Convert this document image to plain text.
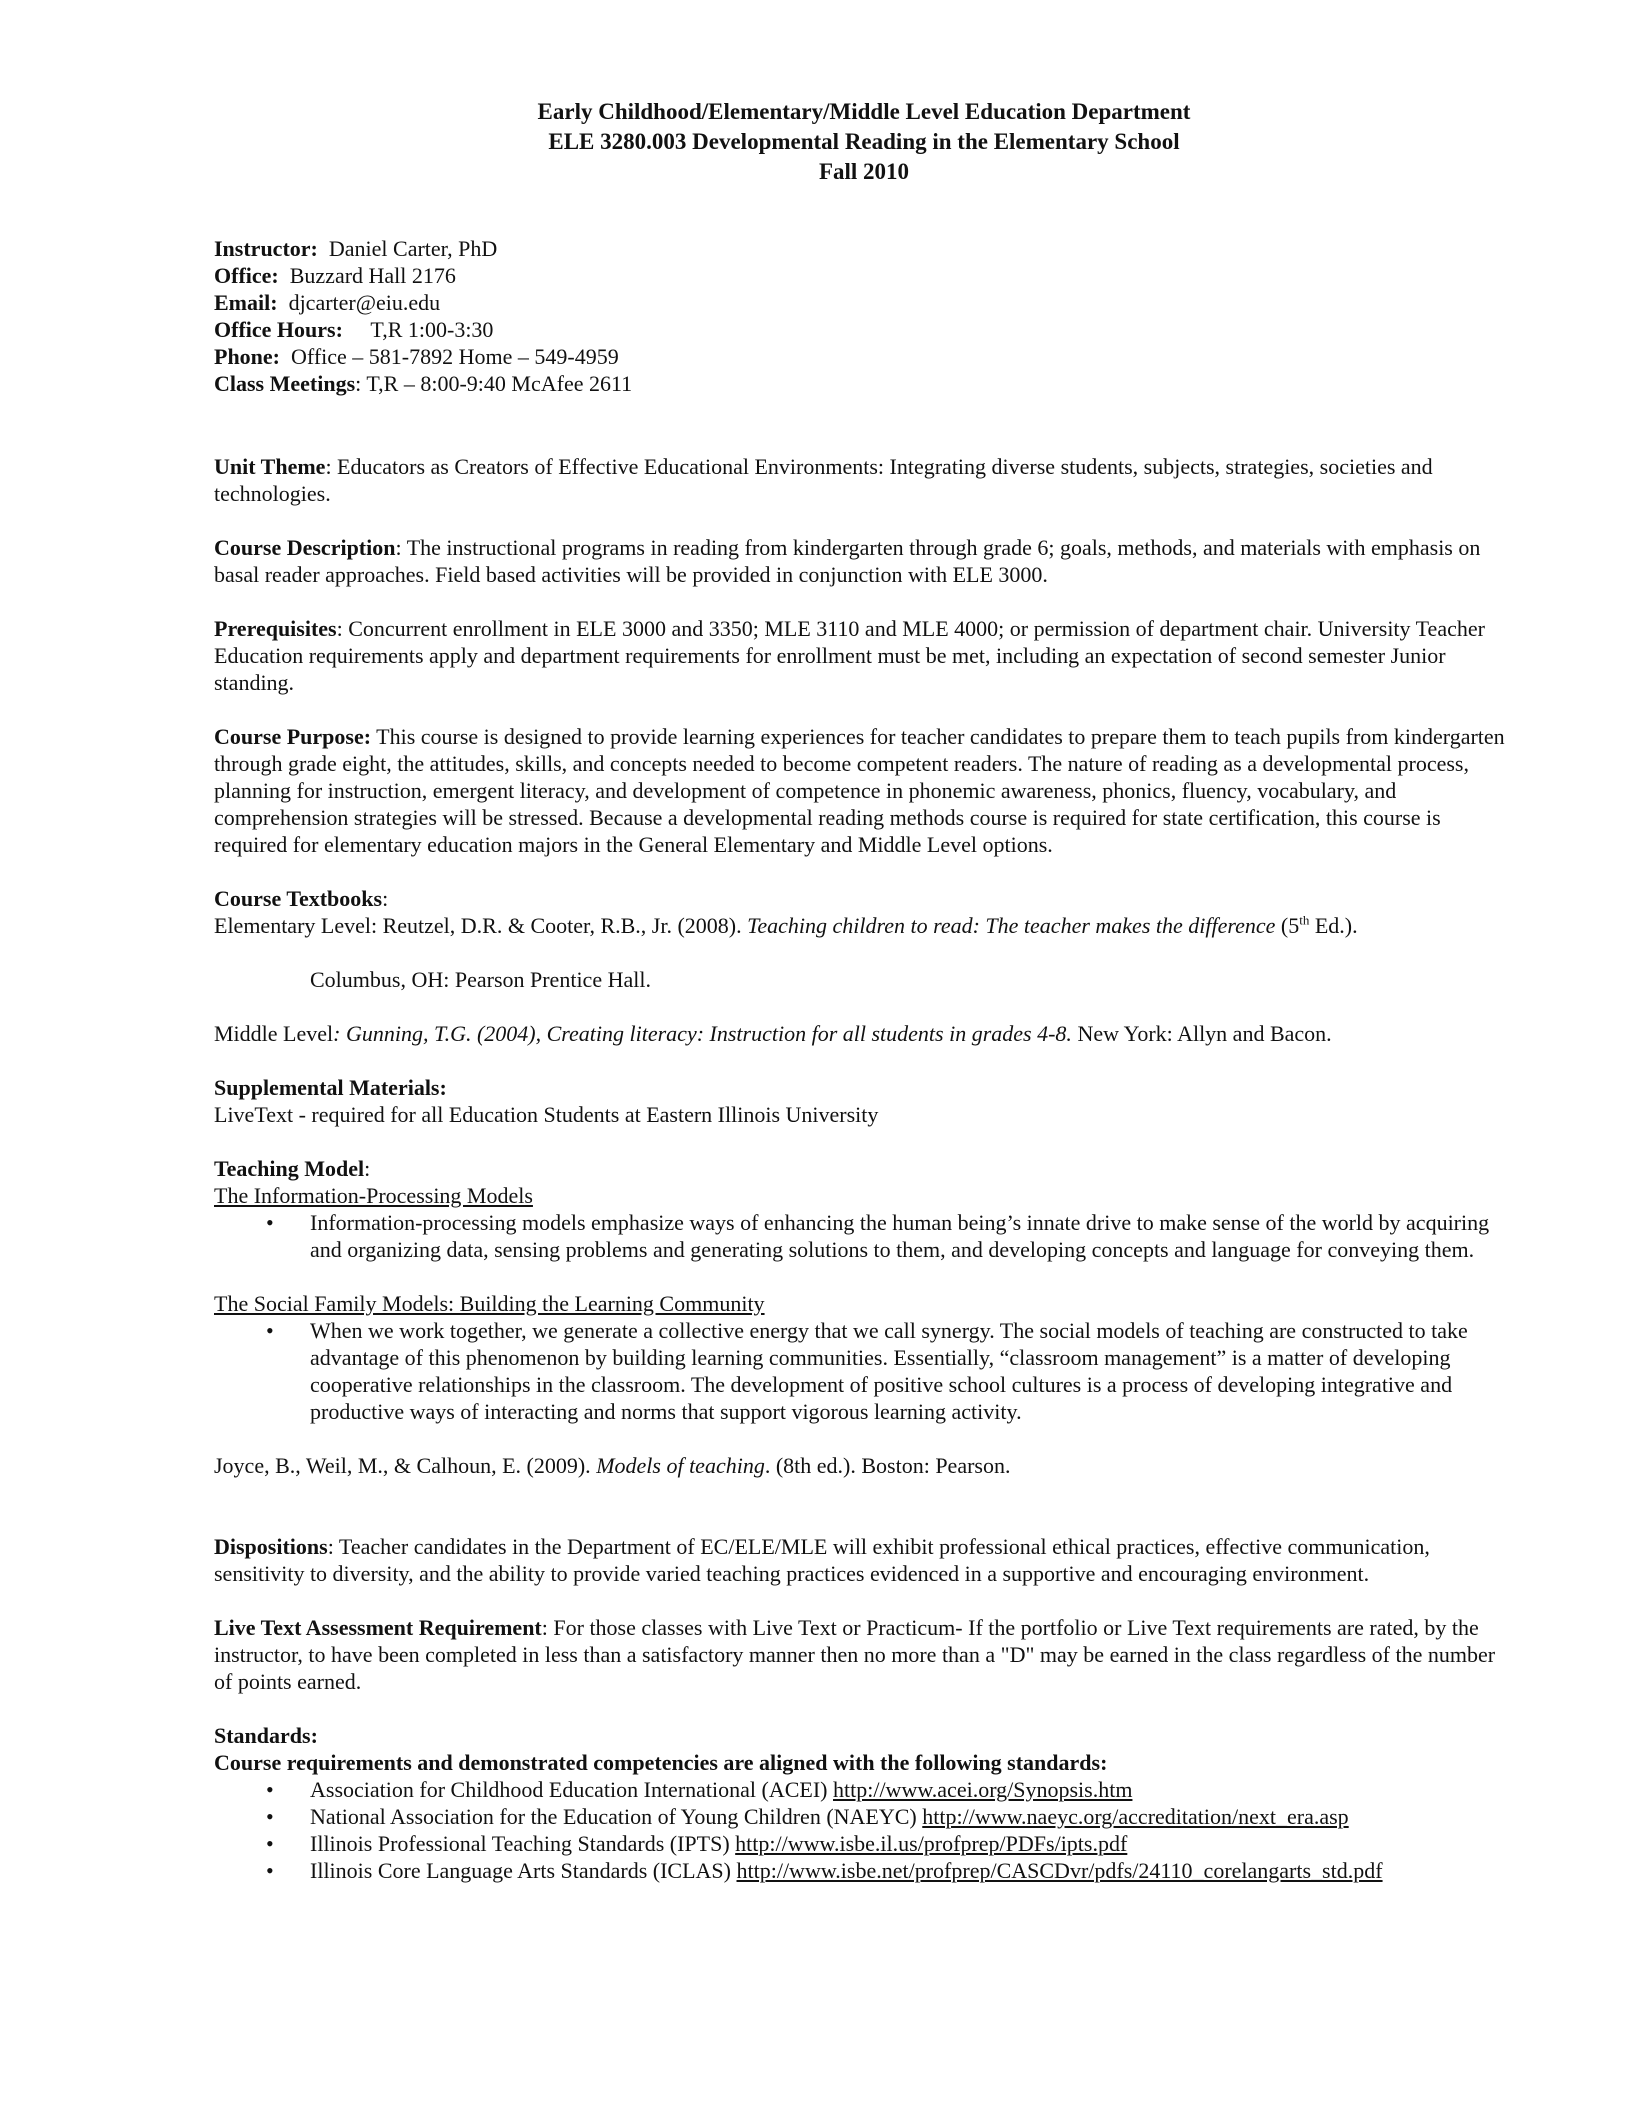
Early Childhood/Elementary/Middle Level Education Department

ELE 3280.003 Developmental Reading in the Elementary School

Fall 2010

Instructor: Daniel Carter, PhD

Office: Buzzard Hall 2176

Email: djcarter@eiu.edu

Office Hours: T,R 1:00-3:30

Phone: Office – 581-7892 Home – 549-4959

Class Meetings: T,R – 8:00-9:40 McAfee 2611

Unit Theme: Educators as Creators of Effective Educational Environments: Integrating diverse students, subjects, strategies, societies and technologies.

Course Description: The instructional programs in reading from kindergarten through grade 6; goals, methods, and materials with emphasis on basal reader approaches. Field based activities will be provided in conjunction with ELE 3000.

Prerequisites: Concurrent enrollment in ELE 3000 and 3350; MLE 3110 and MLE 4000; or permission of department chair. University Teacher Education requirements apply and department requirements for enrollment must be met, including an expectation of second semester Junior standing.

Course Purpose: This course is designed to provide learning experiences for teacher candidates to prepare them to teach pupils from kindergarten through grade eight, the attitudes, skills, and concepts needed to become competent readers. The nature of reading as a developmental process, planning for instruction, emergent literacy, and development of competence in phonemic awareness, phonics, fluency, vocabulary, and comprehension strategies will be stressed. Because a developmental reading methods course is required for state certification, this course is required for elementary education majors in the General Elementary and Middle Level options.

Course Textbooks:

Elementary Level: Reutzel, D.R. & Cooter, R.B., Jr. (2008). Teaching children to read: The teacher makes the difference (5th Ed.).

Columbus, OH: Pearson Prentice Hall.

Middle Level: Gunning, T.G. (2004), Creating literacy: Instruction for all students in grades 4-8. New York: Allyn and Bacon.

Supplemental Materials:

LiveText - required for all Education Students at Eastern Illinois University

Teaching Model:

The Information-Processing Models

• Information-processing models emphasize ways of enhancing the human being’s innate drive to make sense of the world by acquiring and organizing data, sensing problems and generating solutions to them, and developing concepts and language for conveying them.

The Social Family Models: Building the Learning Community

• When we work together, we generate a collective energy that we call synergy. The social models of teaching are constructed to take advantage of this phenomenon by building learning communities. Essentially, “classroom management” is a matter of developing cooperative relationships in the classroom. The development of positive school cultures is a process of developing integrative and productive ways of interacting and norms that support vigorous learning activity.

Joyce, B., Weil, M., & Calhoun, E. (2009). Models of teaching. (8th ed.). Boston: Pearson.

Dispositions: Teacher candidates in the Department of EC/ELE/MLE will exhibit professional ethical practices, effective communication, sensitivity to diversity, and the ability to provide varied teaching practices evidenced in a supportive and encouraging environment.

Live Text Assessment Requirement: For those classes with Live Text or Practicum- If the portfolio or Live Text requirements are rated, by the instructor, to have been completed in less than a satisfactory manner then no more than a "D" may be earned in the class regardless of the number of points earned.

Standards:

Course requirements and demonstrated competencies are aligned with the following standards:

• Association for Childhood Education International (ACEI) http://www.acei.org/Synopsis.htm
• National Association for the Education of Young Children (NAEYC) http://www.naeyc.org/accreditation/next_era.asp
• Illinois Professional Teaching Standards (IPTS) http://www.isbe.il.us/profprep/PDFs/ipts.pdf
• Illinois Core Language Arts Standards (ICLAS) http://www.isbe.net/profprep/CASCDvr/pdfs/24110_corelangarts_std.pdf
